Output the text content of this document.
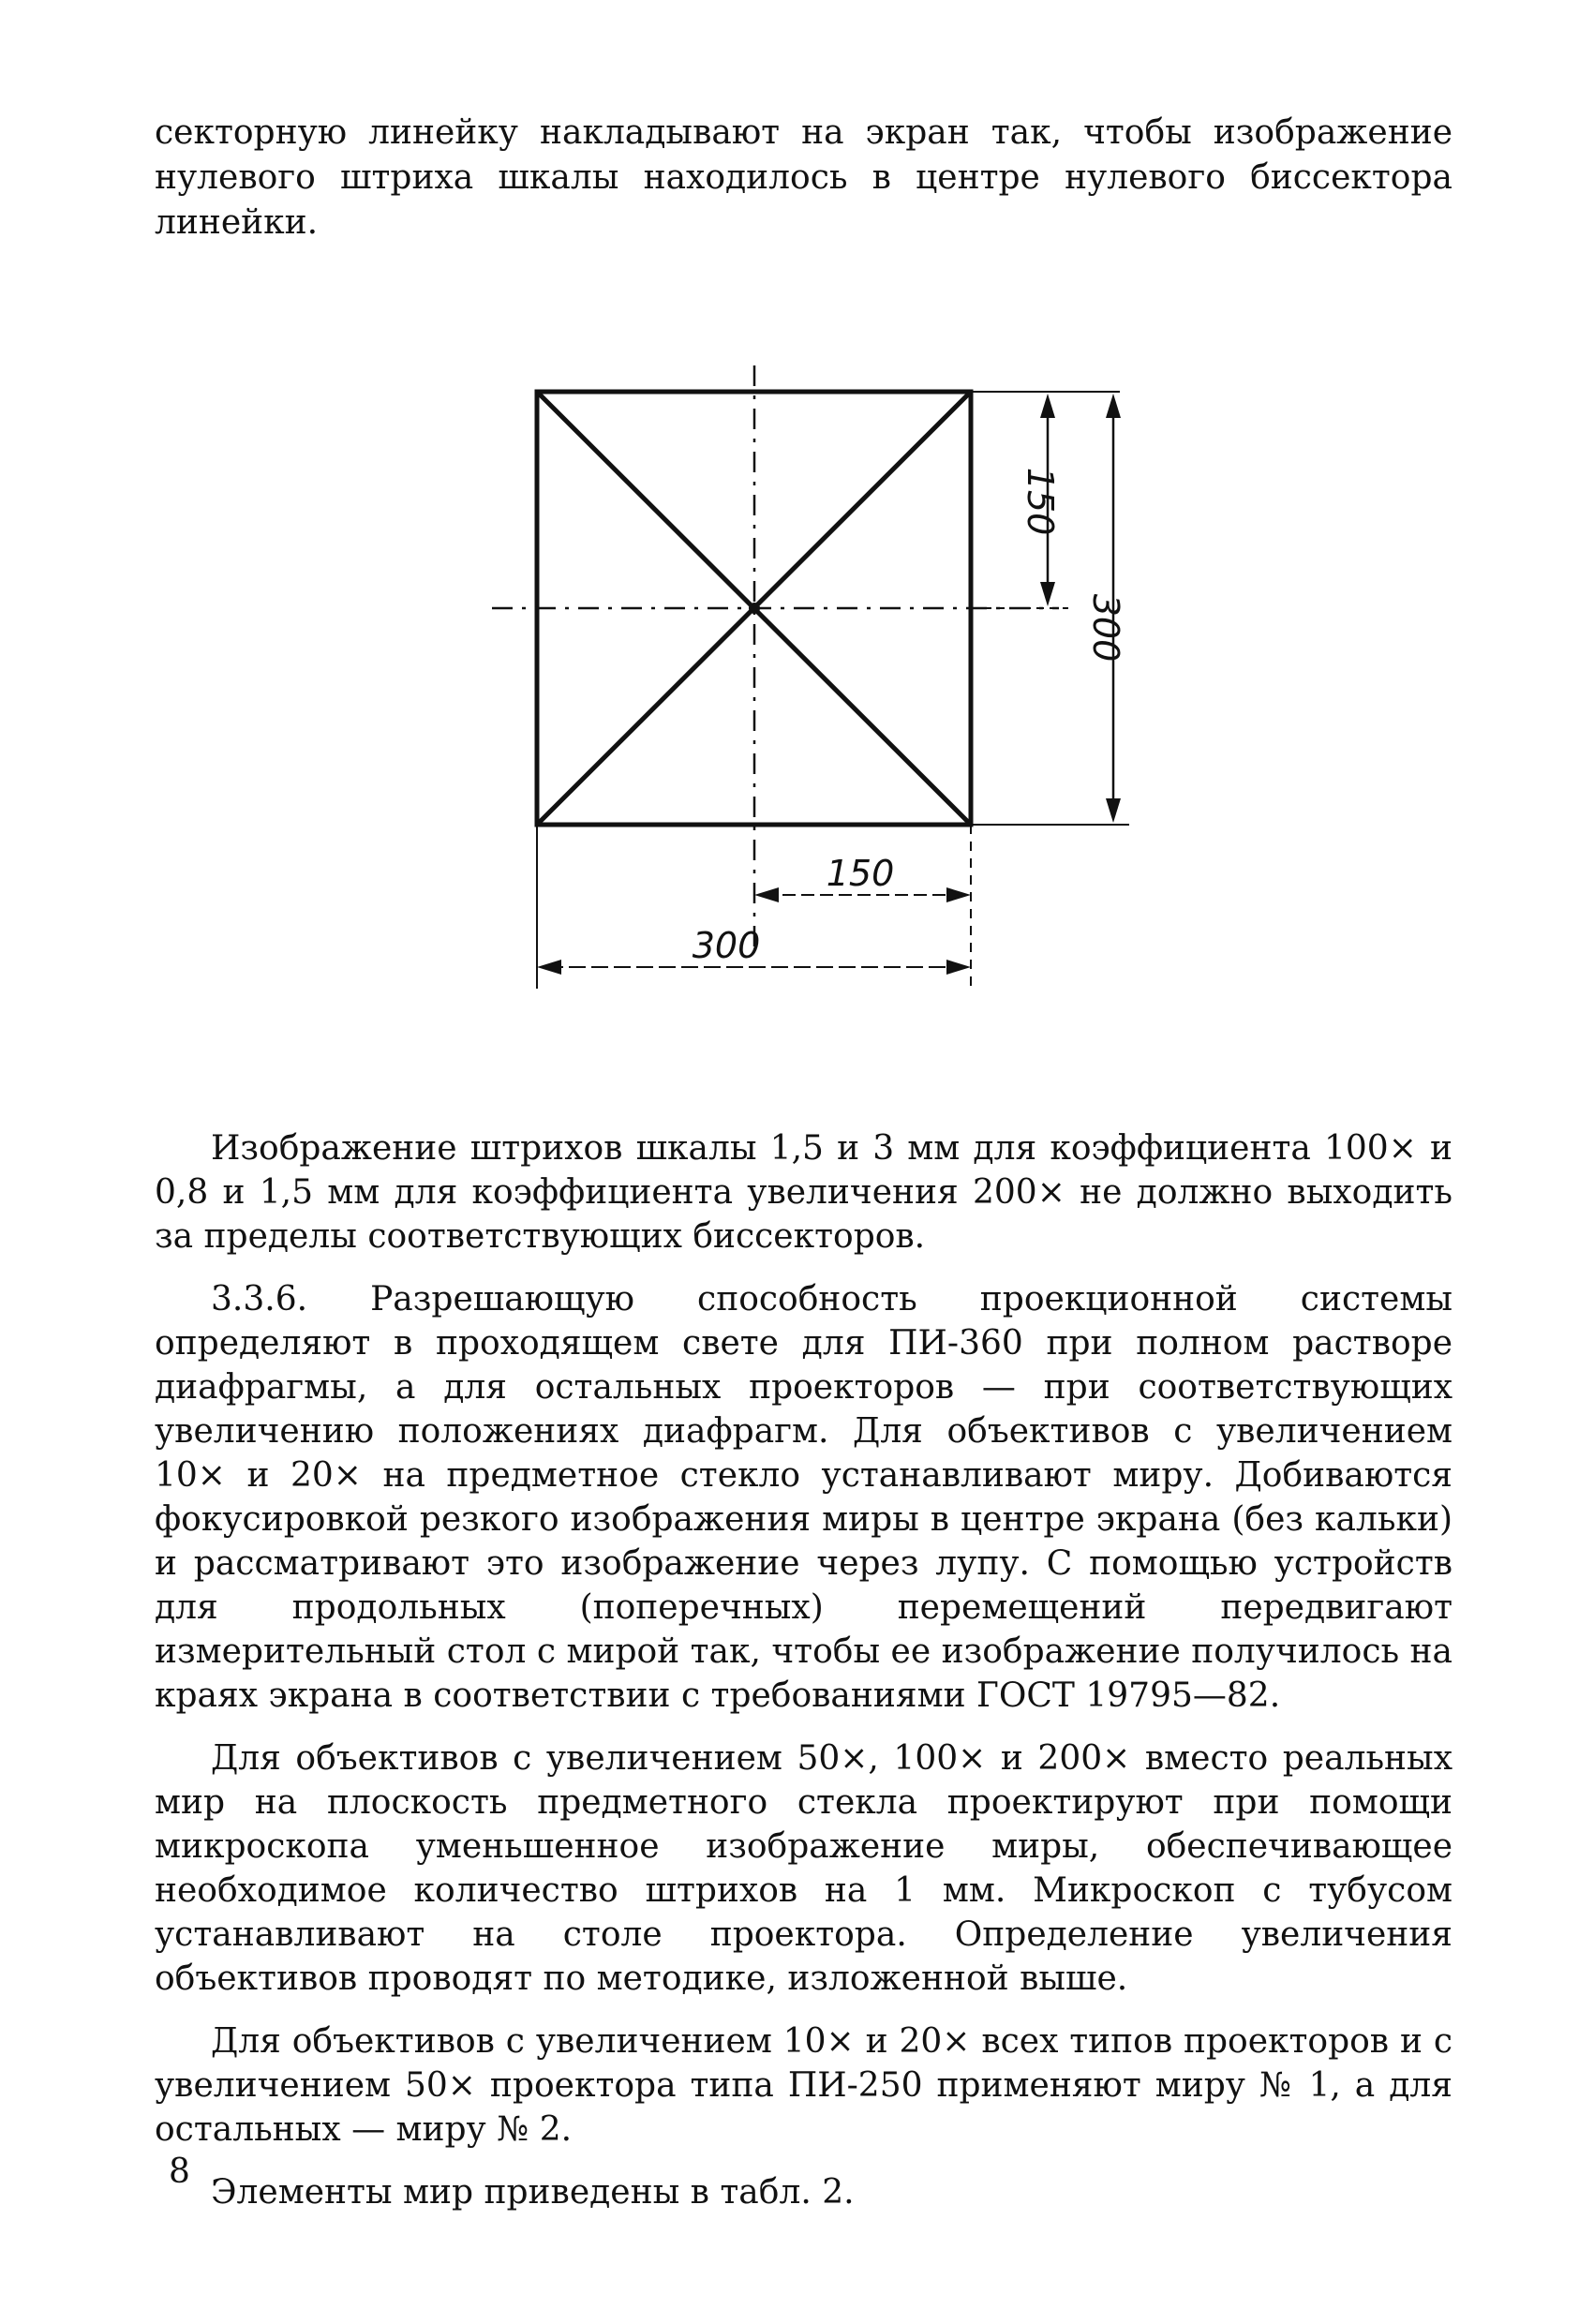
секторную линейку накладывают на экран так, чтобы изображение нулевого штриха шкалы находилось в центре нулевого биссектора линейки.

150
300
150
300

Изображение штрихов шкалы 1,5 и 3 мм для коэффициента 100× и 0,8 и 1,5 мм для коэффициента увеличения 200× не должно выходить за пределы соответствующих биссекторов.

3.3.6. Разрешающую способность проекционной системы определяют в проходящем свете для ПИ-360 при полном растворе диафрагмы, а для остальных проекторов — при соответствующих увеличению положениях диафрагм. Для объективов с увеличением 10× и 20× на предметное стекло устанавливают миру. Добиваются фокусировкой резкого изображения миры в центре экрана (без кальки) и рассматривают это изображение через лупу. С помощью устройств для продольных (поперечных) перемещений передвигают измерительный стол с мирой так, чтобы ее изображение получилось на краях экрана в соответствии с требованиями ГОСТ 19795—82.

Для объективов с увеличением 50×, 100× и 200× вместо реальных мир на плоскость предметного стекла проектируют при помощи микроскопа уменьшенное изображение миры, обеспечивающее необходимое количество штрихов на 1 мм. Микроскоп с тубусом устанавливают на столе проектора. Определение увеличения объективов проводят по методике, изложенной выше.

Для объективов с увеличением 10× и 20× всех типов проекторов и с увеличением 50× проектора типа ПИ-250 применяют миру № 1, а для остальных — миру № 2.

Элементы мир приведены в табл. 2.

8
